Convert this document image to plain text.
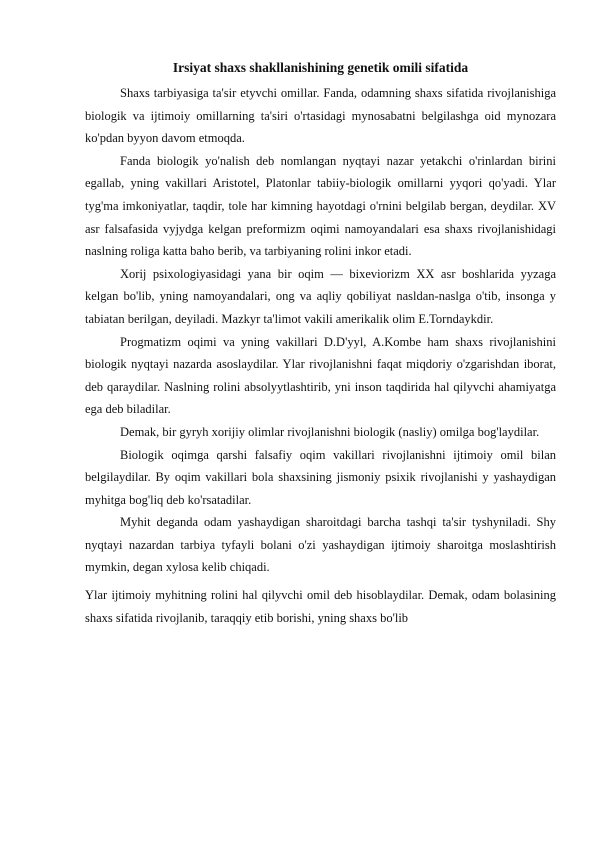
Irsiyat shaxs shakllanishining genetik omili sifatida

Shaxs tarbiyasiga ta'sir etyvchi omillar. Fanda, odamning shaxs sifatida rivojlanishiga biologik va ijtimoiy omillarning ta'siri o'rtasidagi mynosabatni belgilashga oid mynozara ko'pdan byyon davom etmoqda.

Fanda biologik yo'nalish deb nomlangan nyqtayi nazar yetakchi o'rinlardan birini egallab, yning vakillari Aristotel, Platonlar tabiiy-biologik omillarni yyqori qo'yadi. Ylar tyg'ma imkoniyatlar, taqdir, tole har kimning hayotdagi o'rnini belgilab bergan, deydilar. XV asr falsafasida vyjydga kelgan preformizm oqimi namoyandalari esa shaxs rivojlanishidagi naslning roliga katta baho berib, va tarbiyaning rolini inkor etadi.

Xorij psixologiyasidagi yana bir oqim — bixeviorizm XX asr boshlarida yyzaga kelgan bo'lib, yning namoyandalari, ong va aqliy qobiliyat nasldan-naslga o'tib, insonga y tabiatan berilgan, deyiladi. Mazkyr ta'limot vakili amerikalik olim E.Torndaykdir.

Progmatizm oqimi va yning vakillari D.D'yyl, A.Kombe ham shaxs rivojlanishini biologik nyqtayi nazarda asoslaydilar. Ylar rivojlanishni faqat miqdoriy o'zgarishdan iborat, deb qaraydilar. Naslning rolini absolyytlashtirib, yni inson taqdirida hal qilyvchi ahamiyatga ega deb biladilar.

Demak, bir gyryh xorijiy olimlar rivojlanishni biologik (nasliy) omilga bog'laydilar.

Biologik oqimga qarshi falsafiy oqim vakillari rivojlanishni ijtimoiy omil bilan belgilaydilar. By oqim vakillari bola shaxsining jismoniy psixik rivojlanishi y yashaydigan myhitga bog'liq deb ko'rsatadilar.

Myhit deganda odam yashaydigan sharoitdagi barcha tashqi ta'sir tyshyniladi. Shy nyqtayi nazardan tarbiya tyfayli bolani o'zi yashaydigan ijtimoiy sharoitga moslashtirish mymkin, degan xylosa kelib chiqadi.

Ylar ijtimoiy myhitning rolini hal qilyvchi omil deb hisoblaydilar. Demak, odam bolasining shaxs sifatida rivojlanib, taraqqiy etib borishi, yning shaxs bo'lib
